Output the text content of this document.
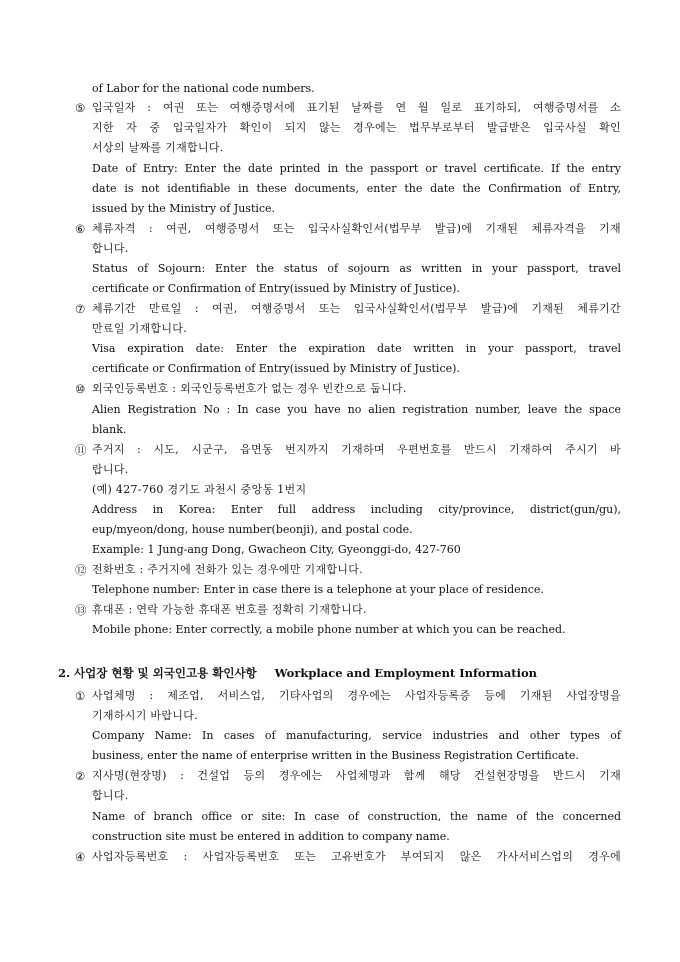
of Labor for the national code numbers.

⑤ 입국일자 : 여권 또는 여행증명서에 표기된 날짜를 연 월 일로 표기하되, 여행증명서를 소

지한 자 중 입국일자가 확인이 되지 않는 경우에는 법무부로부터 발급받은 입국사실 확인

서상의 날짜를 기재합니다.

Date of Entry: Enter the date printed in the passport or travel certificate. If the entry

date is not identifiable in these documents, enter the date the Confirmation of Entry,

issued by the Ministry of Justice.

⑥ 체류자격 : 여권, 여행증명서 또는 입국사실확인서(법무부 발급)에 기재된 체류자격을 기재

합니다.

Status of Sojourn: Enter the status of sojourn as written in your passport, travel

certificate or Confirmation of Entry(issued by Ministry of Justice).

⑦ 체류기간 만료일 : 여권, 여행증명서 또는 입국사실확인서(법무부 발급)에 기재된 체류기간

만료일 기재합니다.

Visa expiration date: Enter the expiration date written in your passport, travel

certificate or Confirmation of Entry(issued by Ministry of Justice).

⑩ 외국인등록번호 : 외국인등록번호가 없는 경우 빈칸으로 둡니다.

Alien Registration No : In case you have no alien registration number, leave the space

blank.

⑪ 주거지 : 시도, 시군구, 읍면동 번지까지 기재하며 우편번호를 반드시 기재하여 주시기 바

랍니다.

(예) 427-760 경기도 과천시 중앙동 1번지

Address in Korea: Enter full address including city/province, district(gun/gu),

eup/myeon/dong, house number(beonji), and postal code.

Example: 1 Jung-ang Dong, Gwacheon City, Gyeonggi-do, 427-760

⑫ 전화번호 : 주거지에 전화가 있는 경우에만 기재합니다.

Telephone number: Enter in case there is a telephone at your place of residence.

⑬ 휴대폰 : 연락 가능한 휴대폰 번호를 정확히 기재합니다.

Mobile phone: Enter correctly, a mobile phone number at which you can be reached.

2. 사업장 현황 및 외국인고용 확인사항 Workplace and Employment Information

① 사업체명 : 제조업, 서비스업, 기타사업의 경우에는 사업자등록증 등에 기재된 사업장명을

기재하시기 바랍니다.

Company Name: In cases of manufacturing, service industries and other types of

business, enter the name of enterprise written in the Business Registration Certificate.

② 지사명(현장명) : 건설업 등의 경우에는 사업체명과 함께 해당 건설현장명을 반드시 기재

합니다.

Name of branch office or site: In case of construction, the name of the concerned

construction site must be entered in addition to company name.

④ 사업자등록번호 : 사업자등록번호 또는 고유번호가 부여되지 않은 가사서비스업의 경우에
